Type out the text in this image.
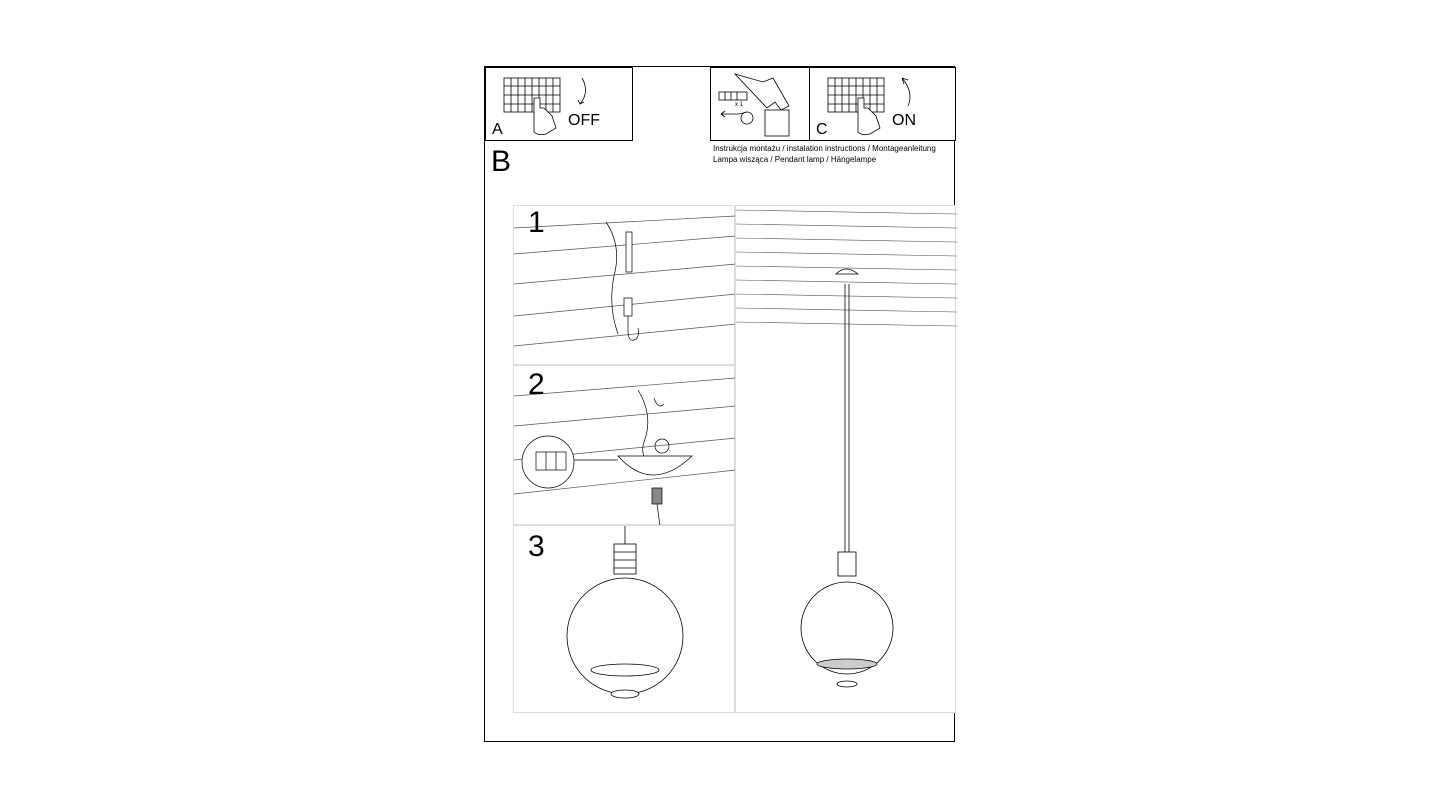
A
OFF
x 1
C
ON
B	Instrukcja montażu / instalation instructions / Montageanleitung
Lampa wisząca / Pendant lamp / Hängelampe
1
2
3
